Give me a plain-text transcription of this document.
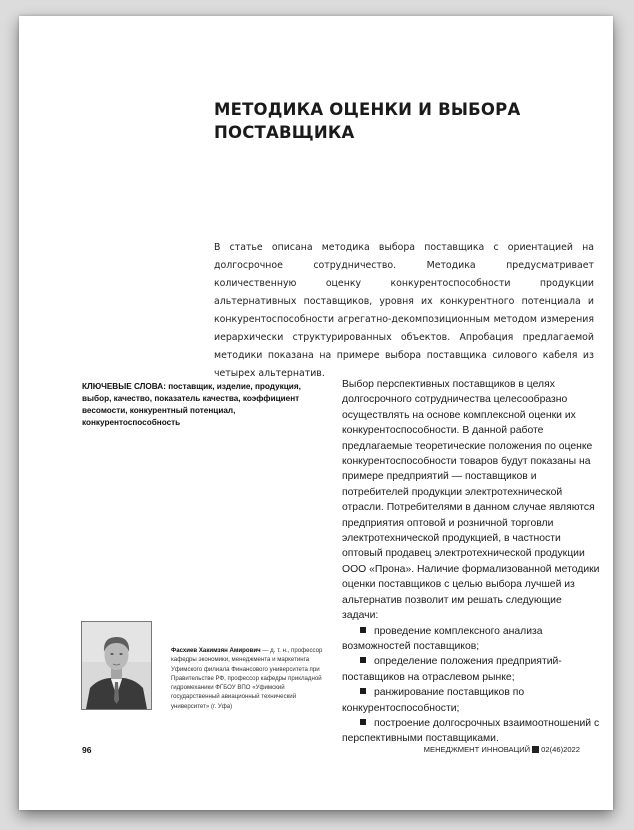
МЕТОДИКА ОЦЕНКИ И ВЫБОРА ПОСТАВЩИКА

В статье описана методика выбора поставщика с ориентацией на долгосрочное сотрудничество. Методика предусматривает количественную оценку конкурентоспособности продукции альтернативных поставщиков, уровня их конкурентного потенциала и конкурентоспособности агрегатно-декомпозиционным методом измерения иерархически структурированных объектов. Апробация предлагаемой методики показана на примере выбора поставщика силового кабеля из четырех альтернатив.

КЛЮЧЕВЫЕ СЛОВА: поставщик, изделие, продукция, выбор, качество, показатель качества, коэффициент весомости, конкурентный потенциал, конкурентоспособность

Выбор перспективных поставщиков в целях долгосрочного сотрудничества целесообразно осуществлять на основе комплексной оценки их конкурентоспособности. В данной работе предлагаемые теоретические положения по оценке конкурентоспособности товаров будут показаны на примере предприятий — поставщиков и потребителей продукции электротехнической отрасли. Потребителями в данном случае являются предприятия оптовой и розничной торговли электротехнической продукцией, в частности оптовый продавец электротехнической продукции ООО «Прона». Наличие формализованной методики оценки поставщиков с целью выбора лучшей из альтернатив позволит им решать следующие задачи:

проведение комплексного анализа возможностей поставщиков;
определение положения предприятий-поставщиков на отраслевом рынке;
ранжирование поставщиков по конкурентоспособности;
построение долгосрочных взаимоотношений с перспективными поставщиками.

Фасхиев Хакимзян Амирович — д. т. н., профессор кафедры экономики, менеджмента и маркетинга Уфимского филиала Финансового университета при Правительстве РФ, профессор кафедры прикладной гидромеханики ФГБОУ ВПО «Уфимский государственный авиационный технический университет» (г. Уфа)

96	МЕНЕДЖМЕНТ ИННОВАЦИЙ 02(46)2022
